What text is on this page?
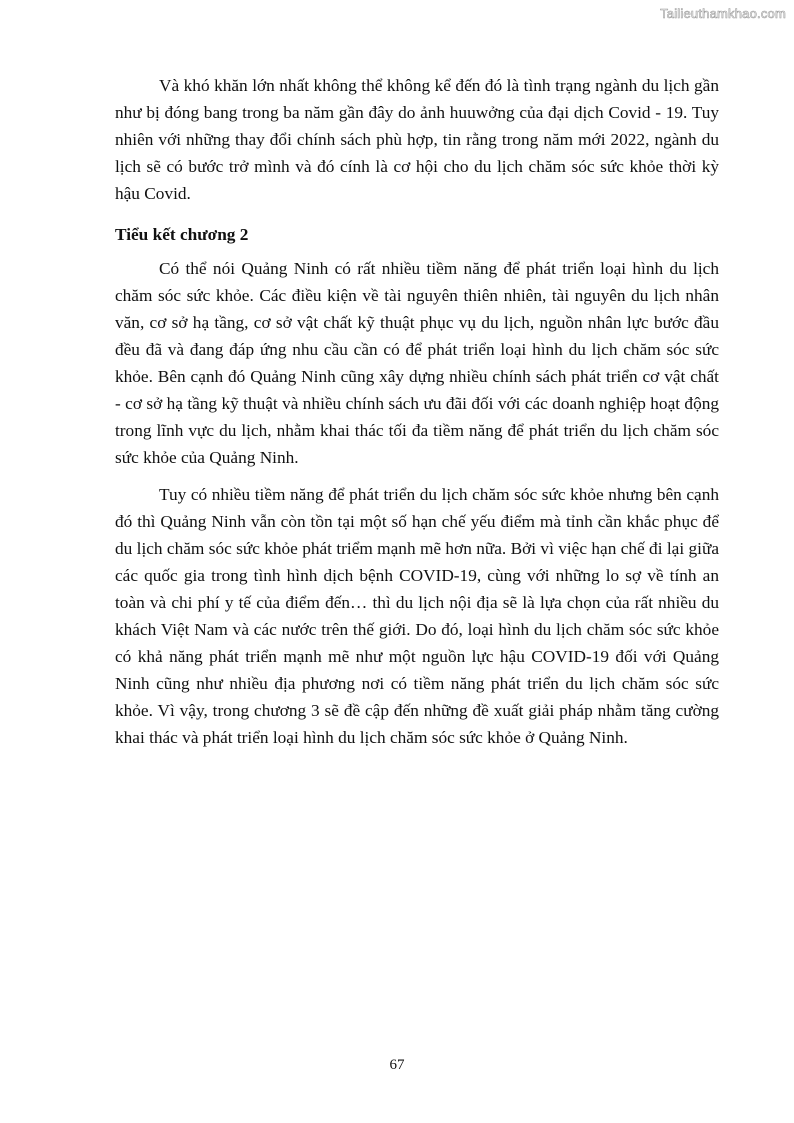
Tailieuthamkhao.com

Và khó khăn lớn nhất không thể không kể đến đó là tình trạng ngành du lịch gần như bị đóng bang trong ba năm gần đây do ảnh huuwởng của đại dịch Covid - 19. Tuy nhiên với những thay đổi chính sách phù hợp, tin rằng trong năm mới 2022, ngành du lịch sẽ có bước trở mình và đó cính là cơ hội cho du lịch chăm sóc sức khỏe thời kỳ hậu Covid.

Tiểu kết chương 2

Có thể nói Quảng Ninh có rất nhiều tiềm năng để phát triển loại hình du lịch chăm sóc sức khỏe. Các điều kiện về tài nguyên thiên nhiên, tài nguyên du lịch nhân văn, cơ sở hạ tầng, cơ sở vật chất kỹ thuật phục vụ du lịch, nguồn nhân lực bước đầu đều đã và đang đáp ứng nhu cầu cần có để phát triển loại hình du lịch chăm sóc sức khỏe. Bên cạnh đó Quảng Ninh cũng xây dựng nhiều chính sách phát triển cơ vật chất - cơ sở hạ tầng kỹ thuật và nhiều chính sách ưu đãi đối với các doanh nghiệp hoạt động trong lĩnh vực du lịch, nhằm khai thác tối đa tiềm năng để phát triển du lịch chăm sóc sức khỏe của Quảng Ninh.

Tuy có nhiều tiềm năng để phát triển du lịch chăm sóc sức khỏe nhưng bên cạnh đó thì Quảng Ninh vẫn còn tồn tại một số hạn chế yếu điểm mà tỉnh cần khắc phục để du lịch chăm sóc sức khỏe phát triểm mạnh mẽ hơn nữa. Bởi vì việc hạn chế đi lại giữa các quốc gia trong tình hình dịch bệnh COVID-19, cùng với những lo sợ về tính an toàn và chi phí y tế của điểm đến… thì du lịch nội địa sẽ là lựa chọn của rất nhiều du khách Việt Nam và các nước trên thế giới. Do đó, loại hình du lịch chăm sóc sức khỏe có khả năng phát triển mạnh mẽ như một nguồn lực hậu COVID-19 đối với Quảng Ninh cũng như nhiều địa phương nơi có tiềm năng phát triển du lịch chăm sóc sức khỏe. Vì vậy, trong chương 3 sẽ đề cập đến những đề xuất giải pháp nhằm tăng cường khai thác và phát triển loại hình du lịch chăm sóc sức khỏe ở Quảng Ninh.

67
